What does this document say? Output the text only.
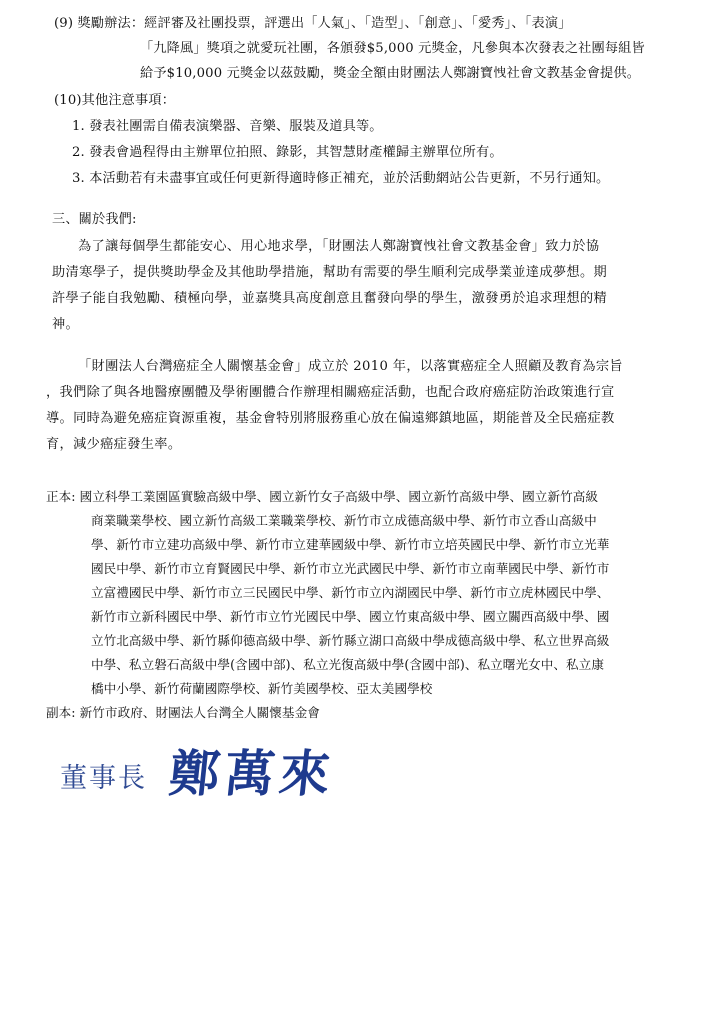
(9) 獎勵辦法：經評審及社團投票，評選出「人氣」、「造型」、「創意」、「愛秀」、「表演」
「九降風」獎項之就愛玩社團，各頒發$5,000 元獎金，凡參與本次發表之社團每組皆
給予$10,000 元獎金以茲鼓勵，獎金全額由財團法人鄭謝寶𢘽社會文教基金會提供。
(10)其他注意事項：
1. 發表社團需自備表演樂器、音樂、服裝及道具等。
2. 發表會過程得由主辦單位拍照、錄影，其智慧財產權歸主辦單位所有。
3. 本活動若有未盡事宜或任何更新得適時修正補充，並於活動網站公告更新，不另行通知。
三、關於我們:
為了讓每個學生都能安心、用心地求學，「財團法人鄭謝寶𢘽社會文教基金會」致力於協
助清寒學子，提供獎助學金及其他助學措施，幫助有需要的學生順利完成學業並達成夢想。期
許學子能自我勉勵、積極向學，並嘉獎具高度創意且奮發向學的學生，激發勇於追求理想的精
神。
「財團法人台灣癌症全人關懷基金會」成立於 2010 年，以落實癌症全人照顧及教育為宗旨
，我們除了與各地醫療團體及學術團體合作辦理相關癌症活動，也配合政府癌症防治政策進行宣
導。同時為避免癌症資源重複，基金會特別將服務重心放在偏遠鄉鎮地區，期能普及全民癌症教
育，減少癌症發生率。
正本: 國立科學工業園區實驗高級中學、國立新竹女子高級中學、國立新竹高級中學、國立新竹高級
商業職業學校、國立新竹高級工業職業學校、新竹市立成德高級中學、新竹市立香山高級中
學、新竹市立建功高級中學、新竹市立建華國級中學、新竹市立培英國民中學、新竹市立光華
國民中學、新竹市立育賢國民中學、新竹市立光武國民中學、新竹市立南華國民中學、新竹市
立富禮國民中學、新竹市立三民國民中學、新竹市立內湖國民中學、新竹市立虎林國民中學、
新竹市立新科國民中學、新竹市立竹光國民中學、國立竹東高級中學、國立關西高級中學、國
立竹北高級中學、新竹縣仰德高級中學、新竹縣立湖口高級中學成德高級中學、私立世界高級
中學、私立磐石高級中學(含國中部)、私立光復高級中學(含國中部)、私立曙光女中、私立康
橋中小學、新竹荷蘭國際學校、新竹美國學校、亞太美國學校
副本: 新竹市政府、財團法人台灣全人關懷基金會
董事長 鄭萬來
